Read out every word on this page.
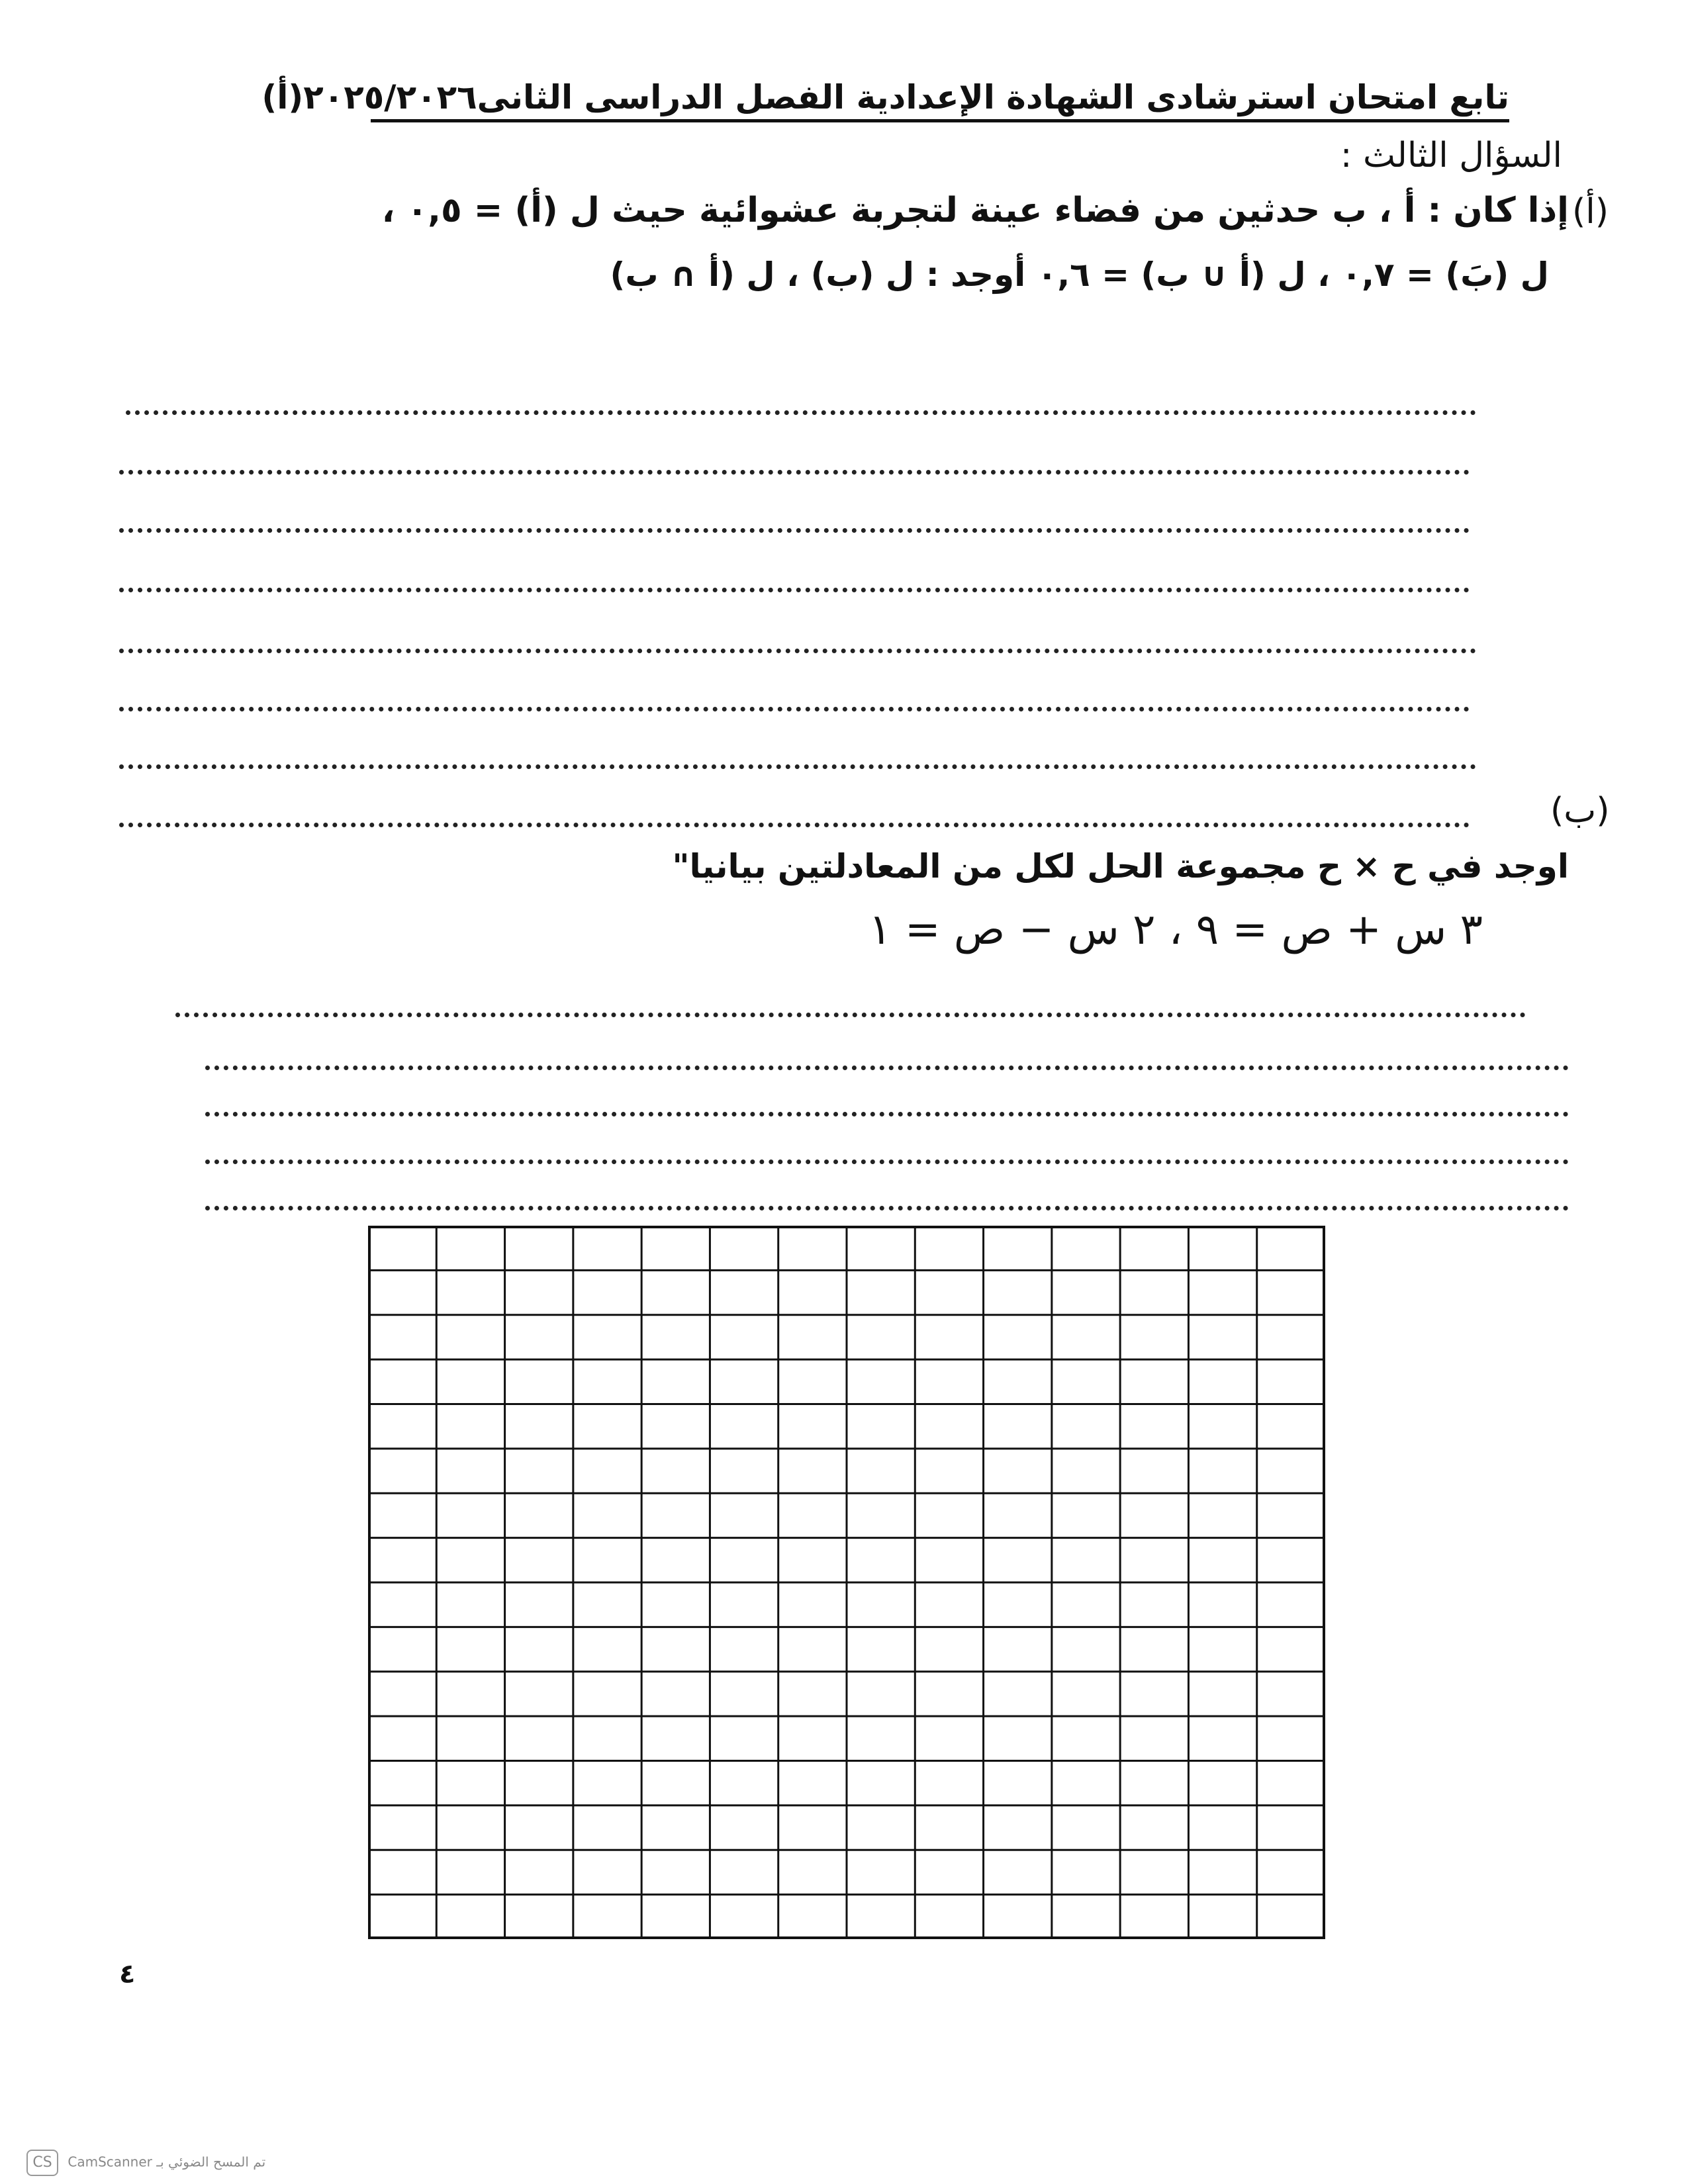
تابع امتحان استرشادى الشهادة الإعدادية الفصل الدراسى الثانى٢٠٢٥/٢٠٢٦(أ)
السؤال الثالث :
(أ)
إذا كان : أ ، ب حدثين من فضاء عينة لتجربة عشوائية حيث ل (أ) = ٠,٥ ،
ل (بَ) = ٠,٧ ، ل (أ ∪ ب) = ٠,٦ أوجد : ل (ب) ، ل (أ ∩ ب)
(ب)
اوجد في ح × ح مجموعة الحل لكل من المعادلتين بيانيا"
٣ س + ص = ٩ ، ٢ س − ص = ١
٤
CS CamScanner تم المسح الضوئي بـ
